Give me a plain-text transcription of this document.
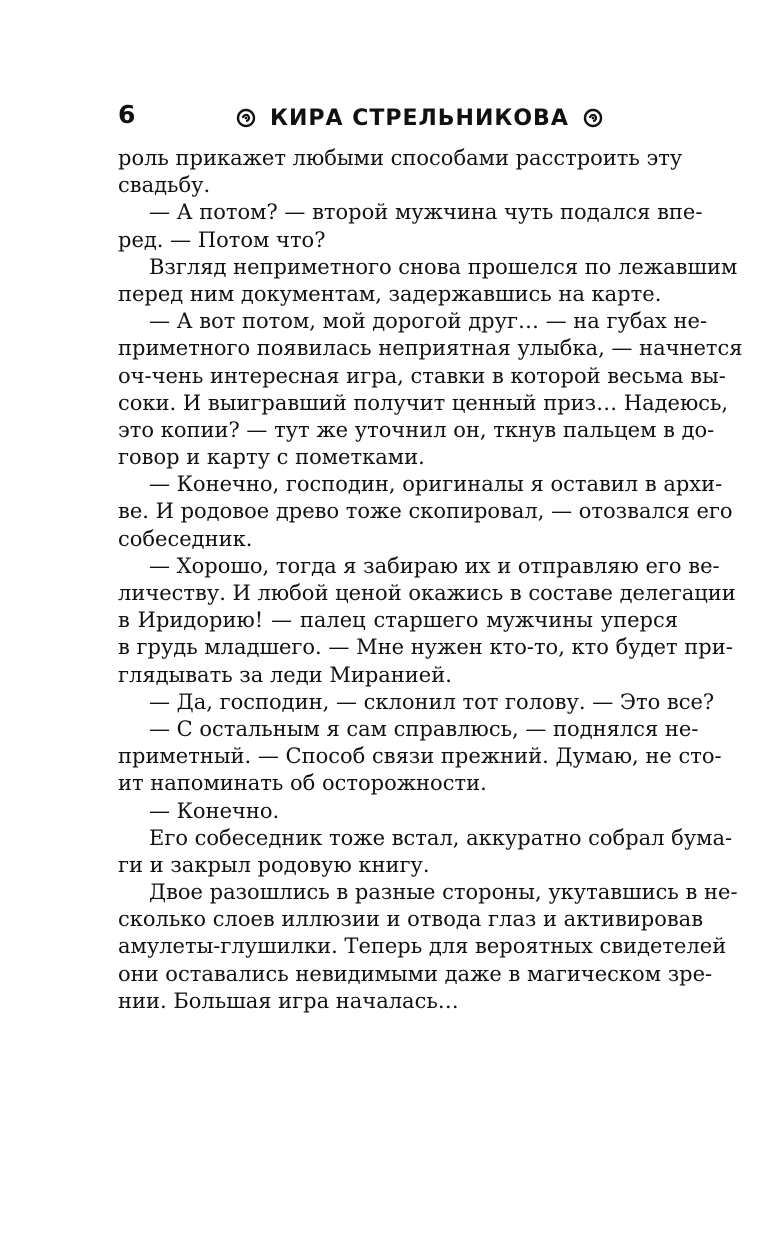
6	КИРА СТРЕЛЬНИКОВА
роль прикажет любыми способами расстроить эту
свадьбу.
— А потом? — второй мужчина чуть подался впе-
ред. — Потом что?
Взгляд неприметного снова прошелся по лежавшим
перед ним документам, задержавшись на карте.
— А вот потом, мой дорогой друг… — на губах не-
приметного появилась неприятная улыбка, — начнется
оч-чень интересная игра, ставки в которой весьма вы-
соки. И выигравший получит ценный приз… Надеюсь,
это копии? — тут же уточнил он, ткнув пальцем в до-
говор и карту с пометками.
— Конечно, господин, оригиналы я оставил в архи-
ве. И родовое древо тоже скопировал, — отозвался его
собеседник.
— Хорошо, тогда я забираю их и отправляю его ве-
личеству. И любой ценой окажись в составе делегации
в Иридорию! — палец старшего мужчины уперся
в грудь младшего. — Мне нужен кто-то, кто будет при-
глядывать за леди Миранией.
— Да, господин, — склонил тот голову. — Это все?
— С остальным я сам справлюсь, — поднялся не-
приметный. — Способ связи прежний. Думаю, не сто-
ит напоминать об осторожности.
— Конечно.
Его собеседник тоже встал, аккуратно собрал бума-
ги и закрыл родовую книгу.
Двое разошлись в разные стороны, укутавшись в не-
сколько слоев иллюзии и отвода глаз и активировав
амулеты-глушилки. Теперь для вероятных свидетелей
они оставались невидимыми даже в магическом зре-
нии. Большая игра началась…
